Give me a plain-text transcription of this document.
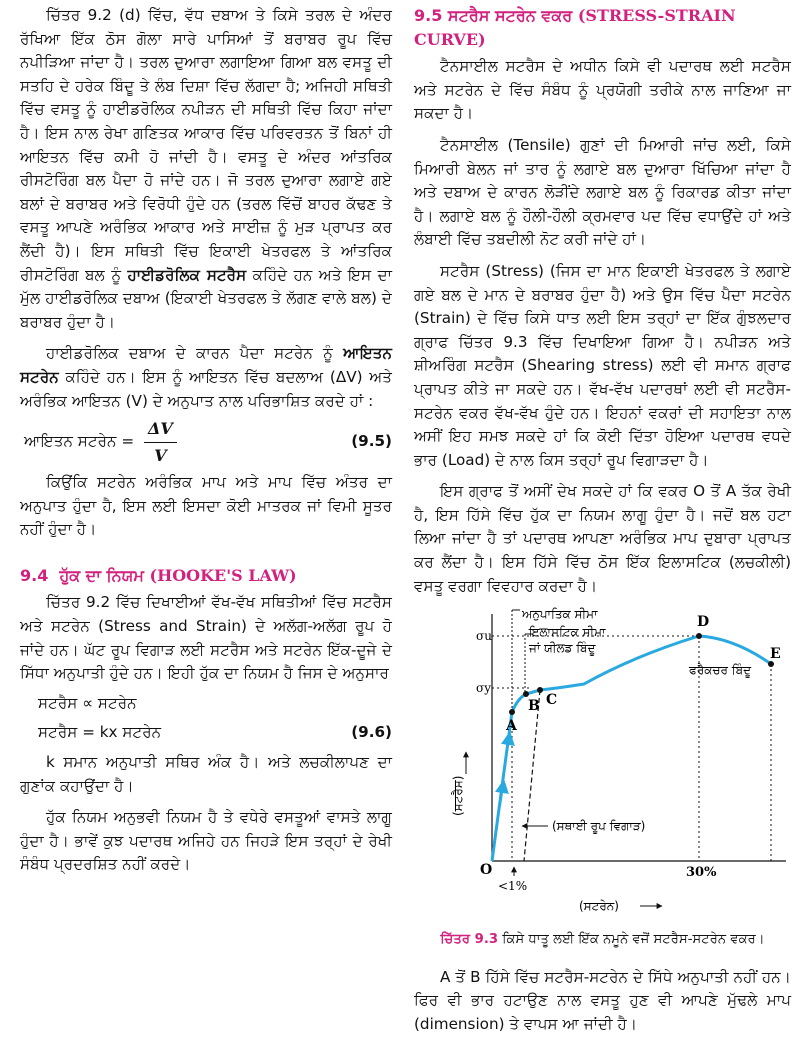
ਚਿੱਤਰ 9.2 (d) ਵਿੱਚ, ਵੱਧ ਦਬਾਅ ਤੇ ਕਿਸੇ ਤਰਲ ਦੇ ਅੰਦਰ ਰੱਖਿਆ ਇੱਕ ਠੋਸ ਗੋਲਾ ਸਾਰੇ ਪਾਸਿਆਂ ਤੋਂ ਬਰਾਬਰ ਰੂਪ ਵਿੱਚ ਨਪੀੜਿਆ ਜਾਂਦਾ ਹੈ। ਤਰਲ ਦੁਆਰਾ ਲਗਾਇਆ ਗਿਆ ਬਲ ਵਸਤੂ ਦੀ ਸਤਹਿ ਦੇ ਹਰੇਕ ਬਿੰਦੂ ਤੇ ਲੰਬ ਦਿਸ਼ਾ ਵਿੱਚ ਲੱਗਦਾ ਹੈ; ਅਜਿਹੀ ਸਥਿਤੀ ਵਿੱਚ ਵਸਤੂ ਨੂੰ ਹਾਈਡਰੋਲਿਕ ਨਪੀੜਨ ਦੀ ਸਥਿਤੀ ਵਿੱਚ ਕਿਹਾ ਜਾਂਦਾ ਹੈ। ਇਸ ਨਾਲ ਰੇਖਾ ਗਣਿਤਕ ਆਕਾਰ ਵਿੱਚ ਪਰਿਵਰਤਨ ਤੋਂ ਬਿਨਾਂ ਹੀ ਆਇਤਨ ਵਿੱਚ ਕਮੀ ਹੋ ਜਾਂਦੀ ਹੈ। ਵਸਤੂ ਦੇ ਅੰਦਰ ਆਂਤਰਿਕ ਰੀਸਟੋਰਿੰਗ ਬਲ ਪੈਦਾ ਹੋ ਜਾਂਦੇ ਹਨ। ਜੋ ਤਰਲ ਦੁਆਰਾ ਲਗਾਏ ਗਏ ਬਲਾਂ ਦੇ ਬਰਾਬਰ ਅਤੇ ਵਿਰੋਧੀ ਹੁੰਦੇ ਹਨ (ਤਰਲ ਵਿੱਚੋਂ ਬਾਹਰ ਕੱਢਣ ਤੇ ਵਸਤੂ ਆਪਣੇ ਅਰੰਭਿਕ ਆਕਾਰ ਅਤੇ ਸਾਈਜ਼ ਨੂੰ ਮੁੜ ਪ੍ਰਾਪਤ ਕਰ ਲੈਂਦੀ ਹੈ)। ਇਸ ਸਥਿਤੀ ਵਿੱਚ ਇਕਾਈ ਖੇਤਰਫਲ ਤੇ ਆਂਤਰਿਕ ਰੀਸਟੋਰਿੰਗ ਬਲ ਨੂੰ ਹਾਈਡਰੋਲਿਕ ਸਟਰੈਸ ਕਹਿੰਦੇ ਹਨ ਅਤੇ ਇਸ ਦਾ ਮੁੱਲ ਹਾਈਡਰੋਲਿਕ ਦਬਾਅ (ਇਕਾਈ ਖੇਤਰਫਲ ਤੇ ਲੱਗਣ ਵਾਲੇ ਬਲ) ਦੇ ਬਰਾਬਰ ਹੁੰਦਾ ਹੈ।

ਹਾਈਡਰੋਲਿਕ ਦਬਾਅ ਦੇ ਕਾਰਨ ਪੈਦਾ ਸਟਰੇਨ ਨੂੰ ਆਇਤਨ ਸਟਰੇਨ ਕਹਿੰਦੇ ਹਨ। ਇਸ ਨੂੰ ਆਇਤਨ ਵਿੱਚ ਬਦਲਾਅ (ΔV) ਅਤੇ ਅਰੰਭਿਕ ਆਇਤਨ (V) ਦੇ ਅਨੁਪਾਤ ਨਾਲ ਪਰਿਭਾਸ਼ਿਤ ਕਰਦੇ ਹਾਂ :

ਆਇਤਨ ਸਟਰੇਨ = $\frac{\Delta V}{V}$	(9.5)

ਕਿਉਂਕਿ ਸਟਰੇਨ ਅਰੰਭਿਕ ਮਾਪ ਅਤੇ ਮਾਪ ਵਿੱਚ ਅੰਤਰ ਦਾ ਅਨੁਪਾਤ ਹੁੰਦਾ ਹੈ, ਇਸ ਲਈ ਇਸਦਾ ਕੋਈ ਮਾਤਰਕ ਜਾਂ ਵਿਮੀ ਸੂਤਰ ਨਹੀਂ ਹੁੰਦਾ ਹੈ।

9.4 ਹੁੱਕ ਦਾ ਨਿਯਮ (HOOKE'S LAW)

ਚਿੱਤਰ 9.2 ਵਿੱਚ ਦਿਖਾਈਆਂ ਵੱਖ-ਵੱਖ ਸਥਿਤੀਆਂ ਵਿੱਚ ਸਟਰੈਸ ਅਤੇ ਸਟਰੇਨ (Stress and Strain) ਦੇ ਅਲੱਗ-ਅਲੱਗ ਰੂਪ ਹੋ ਜਾਂਦੇ ਹਨ। ਘੱਟ ਰੂਪ ਵਿਗਾੜ ਲਈ ਸਟਰੈਸ ਅਤੇ ਸਟਰੇਨ ਇੱਕ-ਦੂਜੇ ਦੇ ਸਿੱਧਾ ਅਨੁਪਾਤੀ ਹੁੰਦੇ ਹਨ। ਇਹੀ ਹੁੱਕ ਦਾ ਨਿਯਮ ਹੈ ਜਿਸ ਦੇ ਅਨੁਸਾਰ

ਸਟਰੈਸ ∝ ਸਟਰੇਨ
ਸਟਰੈਸ = kx ਸਟਰੇਨ	(9.6)

k ਸਮਾਨ ਅਨੁਪਾਤੀ ਸਥਿਰ ਅੰਕ ਹੈ। ਅਤੇ ਲਚਕੀਲਾਪਣ ਦਾ ਗੁਣਾਂਕ ਕਹਾਉਂਦਾ ਹੈ।

ਹੁੱਕ ਨਿਯਮ ਅਨੁਭਵੀ ਨਿਯਮ ਹੈ ਤੇ ਵਧੇਰੇ ਵਸਤੂਆਂ ਵਾਸਤੇ ਲਾਗੂ ਹੁੰਦਾ ਹੈ। ਭਾਵੇਂ ਕੁਝ ਪਦਾਰਥ ਅਜਿਹੇ ਹਨ ਜਿਹੜੇ ਇਸ ਤਰ੍ਹਾਂ ਦੇ ਰੇਖੀ ਸੰਬੰਧ ਪ੍ਰਦਰਸ਼ਿਤ ਨਹੀਂ ਕਰਦੇ।

9.5 ਸਟਰੈਸ ਸਟਰੇਨ ਵਕਰ (STRESS-STRAIN CURVE)

ਟੈਨਸਾਈਲ ਸਟਰੈਸ ਦੇ ਅਧੀਨ ਕਿਸੇ ਵੀ ਪਦਾਰਥ ਲਈ ਸਟਰੈਸ ਅਤੇ ਸਟਰੇਨ ਦੇ ਵਿੱਚ ਸੰਬੰਧ ਨੂੰ ਪ੍ਰਯੋਗੀ ਤਰੀਕੇ ਨਾਲ ਜਾਣਿਆ ਜਾ ਸਕਦਾ ਹੈ।

ਟੈਨਸਾਈਲ (Tensile) ਗੁਣਾਂ ਦੀ ਮਿਆਰੀ ਜਾਂਚ ਲਈ, ਕਿਸੇ ਮਿਆਰੀ ਬੇਲਨ ਜਾਂ ਤਾਰ ਨੂੰ ਲਗਾਏ ਬਲ ਦੁਆਰਾ ਖਿੱਚਿਆ ਜਾਂਦਾ ਹੈ ਅਤੇ ਦਬਾਅ ਦੇ ਕਾਰਨ ਲੋੜੀਂਦੇ ਲਗਾਏ ਬਲ ਨੂੰ ਰਿਕਾਰਡ ਕੀਤਾ ਜਾਂਦਾ ਹੈ। ਲਗਾਏ ਬਲ ਨੂੰ ਹੌਲੀ-ਹੌਲੀ ਕ੍ਰਮਵਾਰ ਪਦ ਵਿੱਚ ਵਧਾਉਂਦੇ ਹਾਂ ਅਤੇ ਲੰਬਾਈ ਵਿੱਚ ਤਬਦੀਲੀ ਨੋਟ ਕਰੀ ਜਾਂਦੇ ਹਾਂ।

ਸਟਰੈਸ (Stress) (ਜਿਸ ਦਾ ਮਾਨ ਇਕਾਈ ਖੇਤਰਫਲ ਤੇ ਲਗਾਏ ਗਏ ਬਲ ਦੇ ਮਾਨ ਦੇ ਬਰਾਬਰ ਹੁੰਦਾ ਹੈ) ਅਤੇ ਉਸ ਵਿੱਚ ਪੈਦਾ ਸਟਰੇਨ (Strain) ਦੇ ਵਿੱਚ ਕਿਸੇ ਧਾਤ ਲਈ ਇਸ ਤਰ੍ਹਾਂ ਦਾ ਇੱਕ ਗੁੰਝਲਦਾਰ ਗ੍ਰਾਫ ਚਿੱਤਰ 9.3 ਵਿੱਚ ਦਿਖਾਇਆ ਗਿਆ ਹੈ। ਨਪੀੜਨ ਅਤੇ ਸ਼ੀਅਰਿੰਗ ਸਟਰੈਸ (Shearing stress) ਲਈ ਵੀ ਸਮਾਨ ਗ੍ਰਾਫ ਪ੍ਰਾਪਤ ਕੀਤੇ ਜਾ ਸਕਦੇ ਹਨ। ਵੱਖ-ਵੱਖ ਪਦਾਰਥਾਂ ਲਈ ਵੀ ਸਟਰੈਸ-ਸਟਰੇਨ ਵਕਰ ਵੱਖ-ਵੱਖ ਹੁੰਦੇ ਹਨ। ਇਹਨਾਂ ਵਕਰਾਂ ਦੀ ਸਹਾਇਤਾ ਨਾਲ ਅਸੀਂ ਇਹ ਸਮਝ ਸਕਦੇ ਹਾਂ ਕਿ ਕੋਈ ਦਿੱਤਾ ਹੋਇਆ ਪਦਾਰਥ ਵਧਦੇ ਭਾਰ (Load) ਦੇ ਨਾਲ ਕਿਸ ਤਰ੍ਹਾਂ ਰੂਪ ਵਿਗਾੜਦਾ ਹੈ।

ਇਸ ਗ੍ਰਾਫ ਤੋਂ ਅਸੀਂ ਦੇਖ ਸਕਦੇ ਹਾਂ ਕਿ ਵਕਰ O ਤੋਂ A ਤੱਕ ਰੇਖੀ ਹੈ, ਇਸ ਹਿੱਸੇ ਵਿੱਚ ਹੁੱਕ ਦਾ ਨਿਯਮ ਲਾਗੂ ਹੁੰਦਾ ਹੈ। ਜਦੋਂ ਬਲ ਹਟਾ ਲਿਆ ਜਾਂਦਾ ਹੈ ਤਾਂ ਪਦਾਰਥ ਆਪਣਾ ਅਰੰਭਿਕ ਮਾਪ ਦੁਬਾਰਾ ਪ੍ਰਾਪਤ ਕਰ ਲੈਂਦਾ ਹੈ। ਇਸ ਹਿੱਸੇ ਵਿੱਚ ਠੋਸ ਇੱਕ ਇਲਾਸਟਿਕ (ਲਚਕੀਲੀ) ਵਸਤੂ ਵਰਗਾ ਵਿਵਹਾਰ ਕਰਦਾ ਹੈ।

σu
σy
ਅਨੁਪਾਤਿਕ ਸੀਮਾ
ਇਲਾਸਟਿਕ ਸੀਮਾ
ਜਾਂ ਯੀਲਡ ਬਿੰਦੂ
ਫਰੈਕਚਰ ਬਿੰਦੂ
(ਸਥਾਈ ਰੂਪ ਵਿਗਾੜ)
(ਸਟਰੈਸ)
(ਸਟਰੇਨ)
A
B C
D
E
O
<1%
30%
ਚਿੱਤਰ 9.3 ਕਿਸੇ ਧਾਤੂ ਲਈ ਇੱਕ ਨਮੂਨੇ ਵਜੋਂ ਸਟਰੈਸ-ਸਟਰੇਨ ਵਕਰ।

A ਤੋਂ B ਹਿੱਸੇ ਵਿੱਚ ਸਟਰੈਸ-ਸਟਰੇਨ ਦੇ ਸਿੱਧੇ ਅਨੁਪਾਤੀ ਨਹੀਂ ਹਨ। ਫਿਰ ਵੀ ਭਾਰ ਹਟਾਉਣ ਨਾਲ ਵਸਤੂ ਹੁਣ ਵੀ ਆਪਣੇ ਮੁੱਢਲੇ ਮਾਪ (dimension) ਤੇ ਵਾਪਸ ਆ ਜਾਂਦੀ ਹੈ।
